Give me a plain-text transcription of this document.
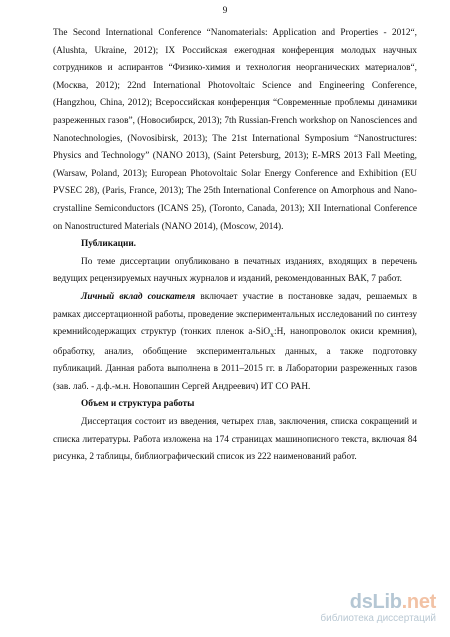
9

The Second International Conference “Nanomaterials: Application and Properties - 2012“, (Alushta, Ukraine, 2012); IX Российская ежегодная конференция молодых научных сотрудников и аспирантов “Физико-химия и технология неорганических материалов“, (Москва, 2012); 22nd International Photovoltaic Science and Engineering Conference, (Hangzhou, China, 2012); Всероссийская конференция “Современные проблемы динамики разреженных газов”, (Новосибирск, 2013); 7th Russian-French workshop on Nanosciences and Nanotechnologies, (Novosibirsk, 2013); The 21st International Symposium “Nanostructures: Physics and Technology” (NANO 2013), (Saint Petersburg, 2013); E-MRS 2013 Fall Meeting, (Warsaw, Poland, 2013); European Photovoltaic Solar Energy Conference and Exhibition (EU PVSEC 28), (Paris, France, 2013); The 25th International Conference on Amorphous and Nano-crystalline Semiconductors (ICANS 25), (Toronto, Canada, 2013); XII International Conference on Nanostructured Materials (NANO 2014), (Moscow, 2014).

Публикации.

По теме диссертации опубликовано в печатных изданиях, входящих в перечень ведущих рецензируемых научных журналов и изданий, рекомендованных ВАК, 7 работ.

Личный вклад соискателя включает участие в постановке задач, решаемых в рамках диссертационной работы, проведение экспериментальных исследований по синтезу кремнийсодержащих структур (тонких пленок a-SiO$_x$:H, нанопроволок окиси кремния), обработку, анализ, обобщение экспериментальных данных, а также подготовку публикаций. Данная работа выполнена в 2011–2015 гг. в Лаборатории разреженных газов (зав. лаб. - д.ф.-м.н. Новопашин Сергей Андреевич) ИТ СО РАН.

Объем и структура работы

Диссертация состоит из введения, четырех глав, заключения, списка сокращений и списка литературы. Работа изложена на 174 страницах машинописного текста, включая 84 рисунка, 2 таблицы, библиографический список из 222 наименований работ.

dsLib.net
библиотека диссертаций
